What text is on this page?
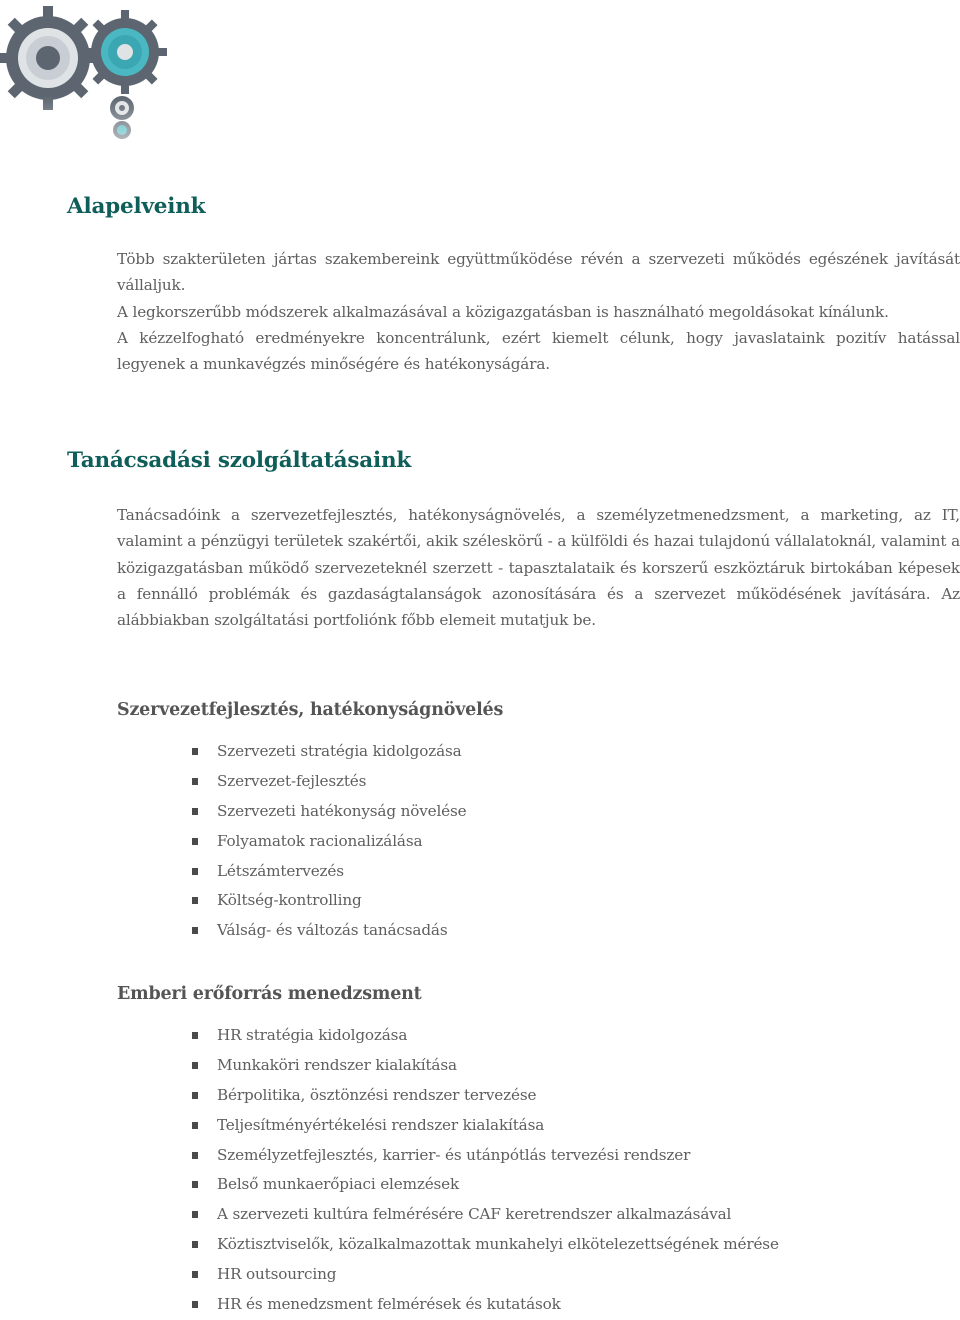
Alapelveink

Több szakterületen jártas szakembereink együttműködése révén a szervezeti működés egészének javítását vállaljuk.

A legkorszerűbb módszerek alkalmazásával a közigazgatásban is használható megoldásokat kínálunk.

A kézzelfogható eredményekre koncentrálunk, ezért kiemelt célunk, hogy javaslataink pozitív hatással legyenek a munkavégzés minőségére és hatékonyságára.

Tanácsadási szolgáltatásaink

Tanácsadóink a szervezetfejlesztés, hatékonyságnövelés, a személyzetmenedzsment, a marketing, az IT, valamint a pénzügyi területek szakértői, akik széleskörű - a külföldi és hazai tulajdonú vállalatoknál, valamint a közigazgatásban működő szervezeteknél szerzett - tapasztalataik és korszerű eszköztáruk birtokában képesek a fennálló problémák és gazdaságtalanságok azonosítására és a szervezet működésének javítására. Az alábbiakban szolgáltatási portfoliónk főbb elemeit mutatjuk be.

Szervezetfejlesztés, hatékonyságnövelés
Szervezeti stratégia kidolgozása
Szervezet-fejlesztés
Szervezeti hatékonyság növelése
Folyamatok racionalizálása
Létszámtervezés
Költség-kontrolling
Válság- és változás tanácsadás
Emberi erőforrás menedzsment
HR stratégia kidolgozása
Munkaköri rendszer kialakítása
Bérpolitika, ösztönzési rendszer tervezése
Teljesítményértékelési rendszer kialakítása
Személyzetfejlesztés, karrier- és utánpótlás tervezési rendszer
Belső munkaerőpiaci elemzések
A szervezeti kultúra felmérésére CAF keretrendszer alkalmazásával
Köztisztviselők, közalkalmazottak munkahelyi elkötelezettségének mérése
HR outsourcing
HR és menedzsment felmérések és kutatások
